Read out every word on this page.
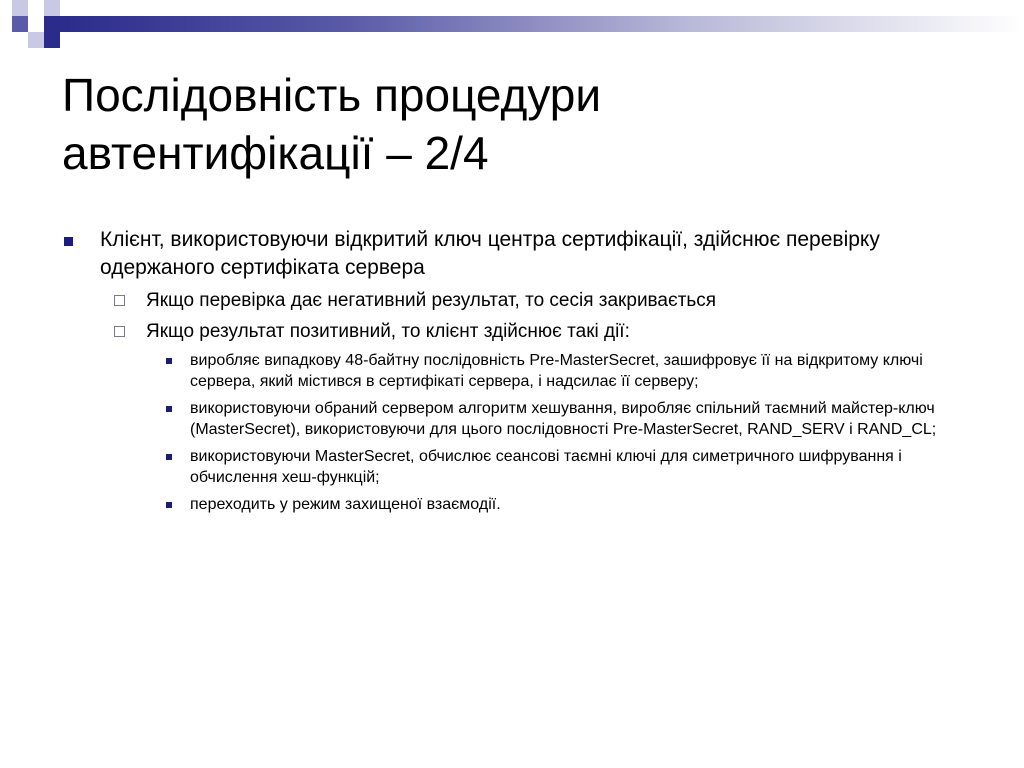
Послідовність процедури
автентифікації – 2/4
Клієнт, використовуючи відкритий ключ центра сертифікації, здійснює перевірку одержаного сертифіката сервера
Якщо перевірка дає негативний результат, то сесія закривається
Якщо результат позитивний, то клієнт здійснює такі дії:
виробляє випадкову 48-байтну послідовність Pre-MasterSecret, зашифровує її на відкритому ключі сервера, який містився в сертифікаті сервера, і надсилає її серверу;
використовуючи обраний сервером алгоритм хешування, виробляє спільний таємний майстер-ключ (MasterSecret), використовуючи для цього послідовності Pre-MasterSecret, RAND_SERV і RAND_CL;
використовуючи MasterSecret, обчислює сеансові таємні ключі для симетричного шифрування і обчислення хеш-функцій;
переходить у режим захищеної взаємодії.
